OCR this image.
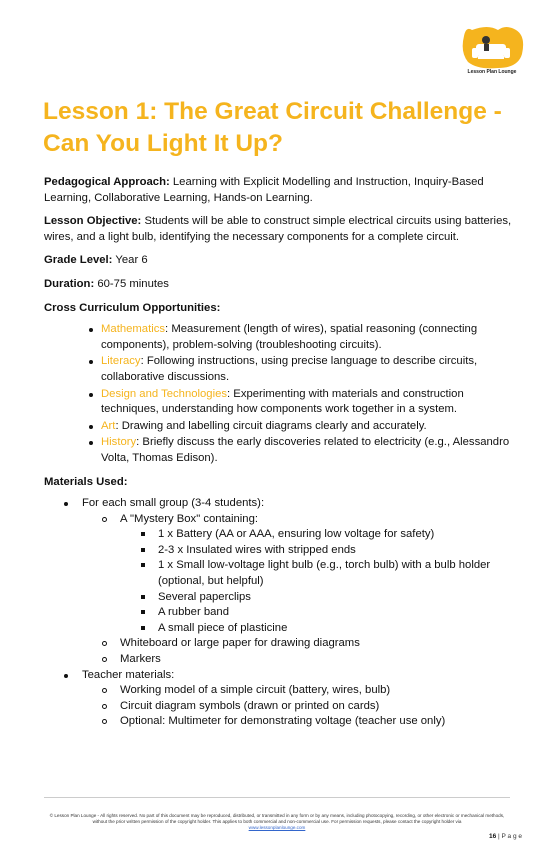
Lesson Plan Lounge
Lesson 1: The Great Circuit Challenge - Can You Light It Up?

Pedagogical Approach: Learning with Explicit Modelling and Instruction, Inquiry-Based Learning, Collaborative Learning, Hands-on Learning.

Lesson Objective: Students will be able to construct simple electrical circuits using batteries, wires, and a light bulb, identifying the necessary components for a complete circuit.

Grade Level: Year 6

Duration: 60-75 minutes

Cross Curriculum Opportunities:

Mathematics: Measurement (length of wires), spatial reasoning (connecting components), problem-solving (troubleshooting circuits).
Literacy: Following instructions, using precise language to describe circuits, collaborative discussions.
Design and Technologies: Experimenting with materials and construction techniques, understanding how components work together in a system.
Art: Drawing and labelling circuit diagrams clearly and accurately.
History: Briefly discuss the early discoveries related to electricity (e.g., Alessandro Volta, Thomas Edison).

Materials Used:

For each small group (3-4 students):
A "Mystery Box" containing:
1 x Battery (AA or AAA, ensuring low voltage for safety)
2-3 x Insulated wires with stripped ends
1 x Small low-voltage light bulb (e.g., torch bulb) with a bulb holder (optional, but helpful)
Several paperclips
A rubber band
A small piece of plasticine
Whiteboard or large paper for drawing diagrams
Markers
Teacher materials:
Working model of a simple circuit (battery, wires, bulb)
Circuit diagram symbols (drawn or printed on cards)
Optional: Multimeter for demonstrating voltage (teacher use only)
© Lesson Plan Lounge - All rights reserved. No part of this document may be reproduced, distributed, or transmitted in any form or by any means, including photocopying, recording, or other electronic or mechanical methods, without the prior written permission of the copyright holder. This applies to both commercial and non-commercial use. For permission requests, please contact the copyright holder via
www.lessonplanlounge.com
16 | P a g e
